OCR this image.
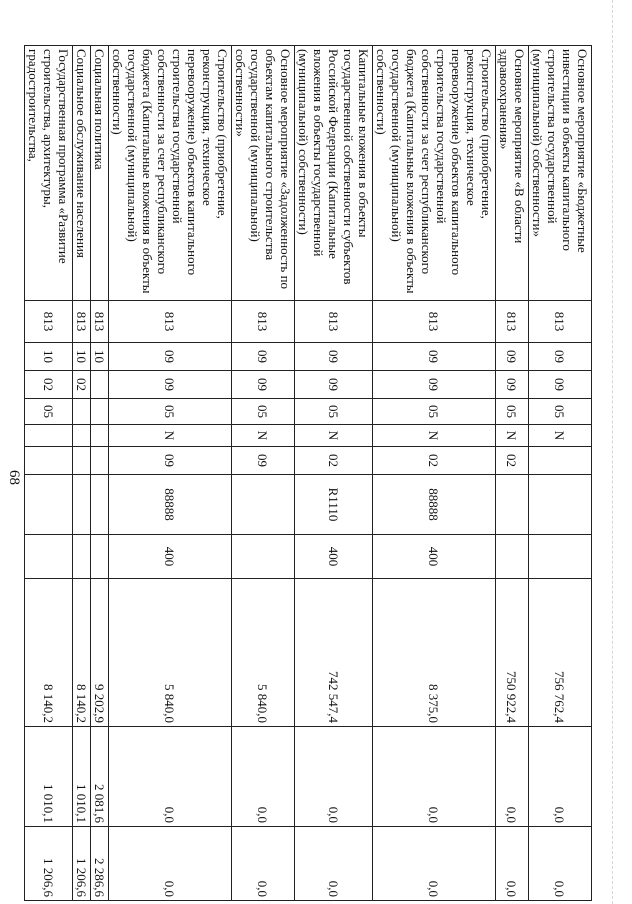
68
Основное мероприятие «Бюджетные инвестиции в объекты капитального строительства государственной (муниципальной) собственности»	813	09	09	05	N				756 762,4	0,0	0,0
Основное мероприятие «В области здравоохранения»	813	09	09	05	N	02			750 922,4	0,0	0,0
Строительство (приобретение, реконструкция, техническое перевооружение) объектов капитального строительства государственной собственности за счет республиканского бюджета (Капитальные вложения в объекты государственной (муниципальной) собственности)	813	09	09	05	N	02	88888	400	8 375,0	0,0	0,0
Капитальные вложения в объекты государственной собственности субъектов Российской Федерации (Капитальные вложения в объекты государственной (муниципальной) собственности)	813	09	09	05	N	02	R1110	400	742 547,4	0,0	0,0
Основное мероприятие «Задолженность по объектам капитального строительства государственной (муниципальной) собственности»	813	09	09	05	N	09			5 840,0	0,0	0,0
Строительство (приобретение, реконструкция, техническое перевооружение) объектов капитального строительства государственной собственности за счет республиканского бюджета (Капитальные вложения в объекты государственной (муниципальной) собственности)	813	09	09	05	N	09	88888	400	5 840,0	0,0	0,0
Социальная политика	813	10							9 202,9	2 081,6	2 286,6
Социальное обслуживание населения	813	10	02						8 140,2	1 010,1	1 206,6
Государственная программа «Развитие строительства, архитектуры, градостроительства,	813	10	02	05					8 140,2	1 010,1	1 206,6
